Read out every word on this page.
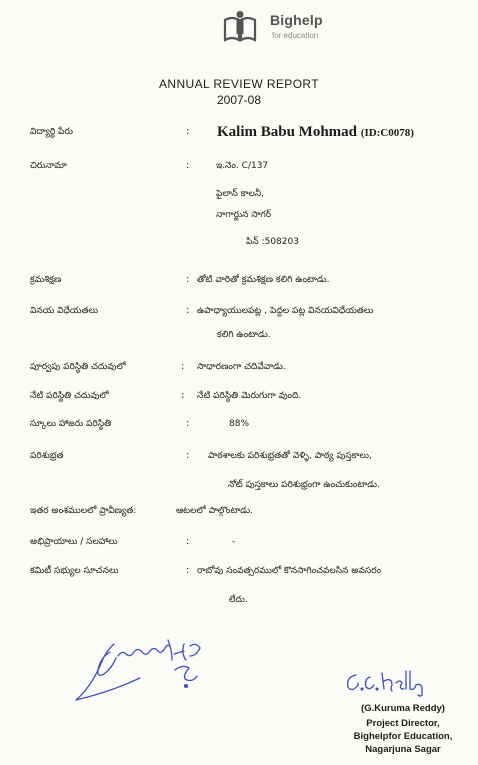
Bighelp
for education
ANNUAL REVIEW REPORT
2007-08
విద్యార్థి పేరు	: Kalim Babu Mohmad (ID:C0078)
చిరునామా	:	ఇ.నెం. C/137
పైలాన్ కాలనీ,
నాగార్జున సాగర్
పిన్ :508203
క్రమశిక్షణ	: తోటి వారితో క్రమశిక్షణ కలిగి ఉంటాడు.
వినయ విధేయతలు	: ఉపాధ్యాయులపట్ల , పెద్దల పట్ల వినయవిధేయతలు
కలిగి ఉంటాడు.
పూర్వపు పరిస్థితి చదువులో	: సాధారణంగా చదివేవాడు.
నేటి పరిస్థితి చదువులో	: నేటి పరిస్థితి మెరుగుగా వుంది.
స్కూలు హాజరు పరిస్థితి	:	88%
పరిశుభ్రత	: పాఠశాలకు పరిశుభ్రతతో వెళ్ళి, పాఠ్య పుస్తకాలు,
నోట్ పుస్తకాలు పరిశుభ్రంగా ఉంచుకుంటాడు.
ఇతర అంశములలో ప్రావీణ్యత:	ఆటలలో పాల్గొంటాడు.
అభిప్రాయాలు / సలహాలు	:	-
కమిటీ సభ్యుల సూచనలు	: రాబోవు సంవత్సరములో కొనసాగించవలసిన అవసరం
లేదు.
(G.Kuruma Reddy)
Project Director,
Bighelpfor Education,
Nagarjuna Sagar
